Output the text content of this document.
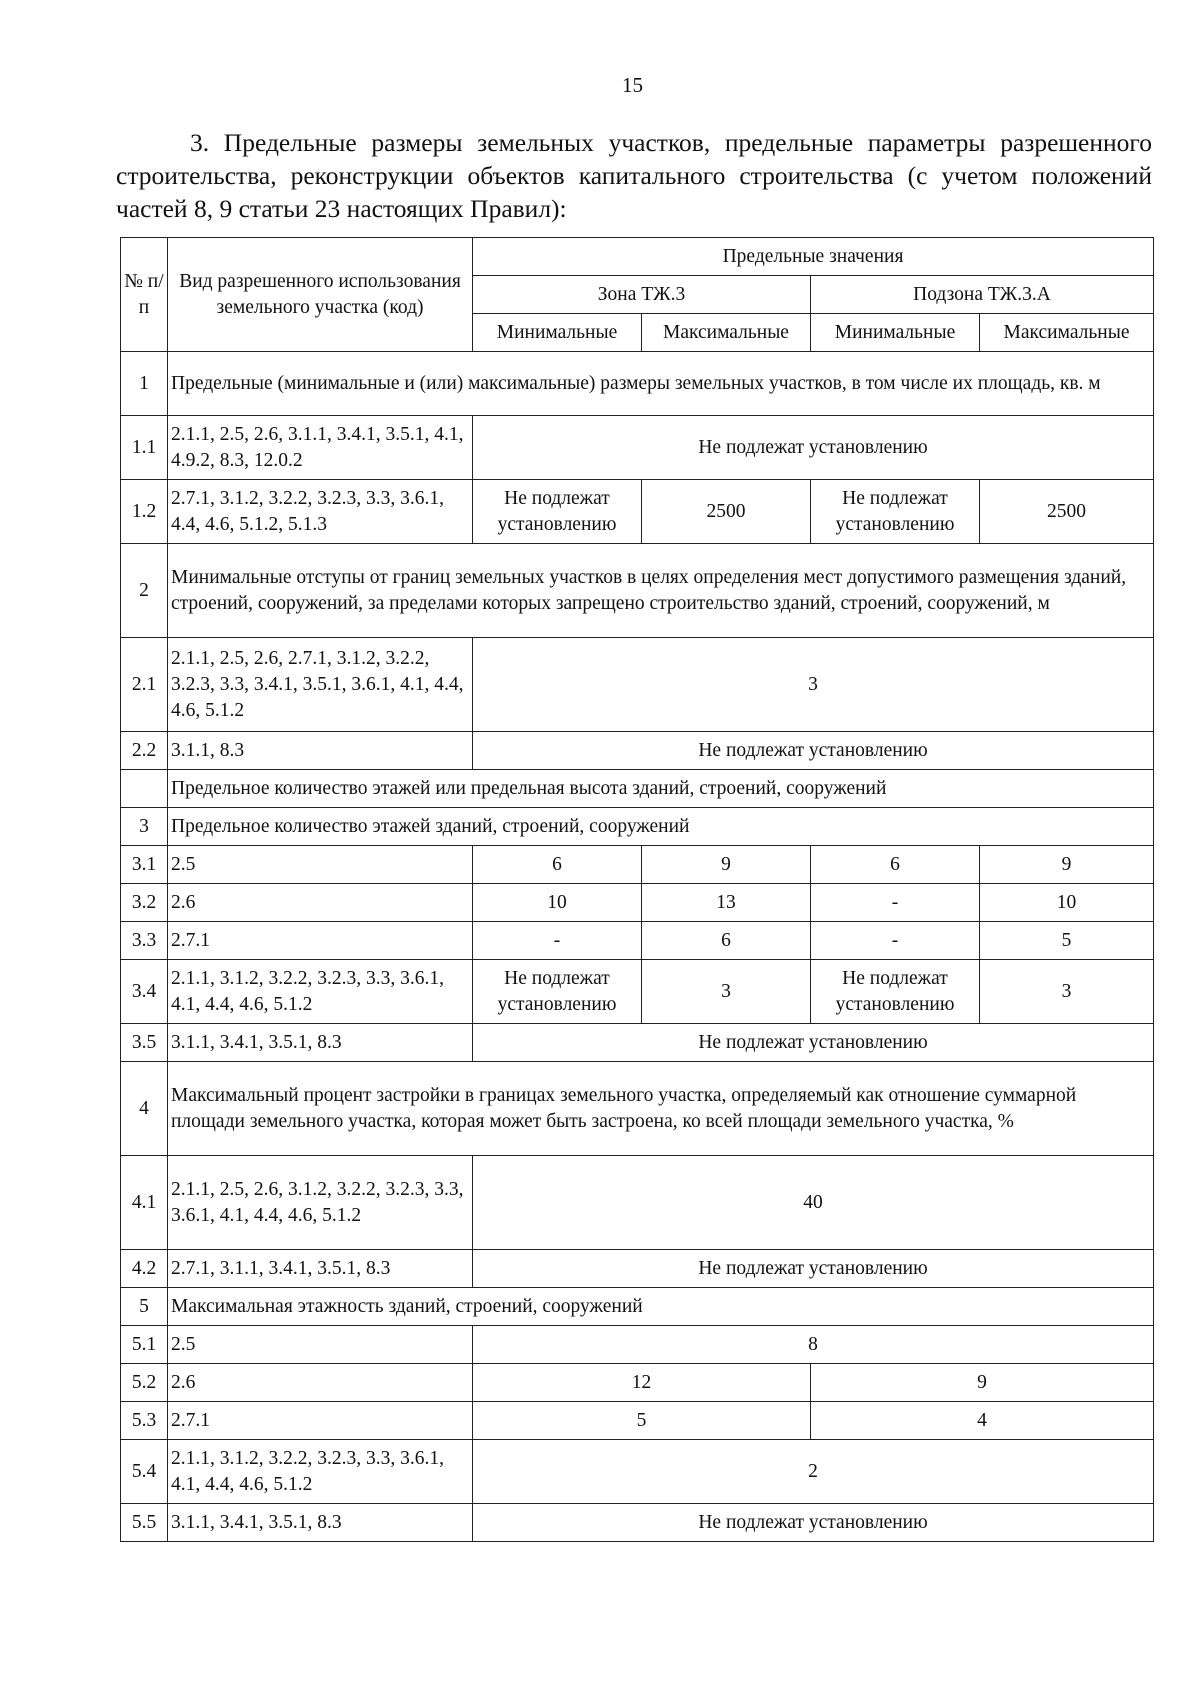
15

3. Предельные размеры земельных участков, предельные параметры разрешенного строительства, реконструкции объектов капитального строительства (с учетом положений частей 8, 9 статьи 23 настоящих Правил):

№ п/п	Вид разрешенного использования земельного участка (код)	Предельные значения			
		Зона ТЖ.3		Подзона ТЖ.3.А	
		Минимальные	Максимальные	Минимальные	Максимальные
1	Предельные (минимальные и (или) максимальные) размеры земельных участков, в том числе их площадь, кв. м				
1.1	2.1.1, 2.5, 2.6, 3.1.1, 3.4.1, 3.5.1, 4.1, 4.9.2, 8.3, 12.0.2	Не подлежат установлению			
1.2	2.7.1, 3.1.2, 3.2.2, 3.2.3, 3.3, 3.6.1, 4.4, 4.6, 5.1.2, 5.1.3	Не подлежат установлению	2500	Не подлежат установлению	2500
2	Минимальные отступы от границ земельных участков в целях определения мест допустимого размещения зданий, строений, сооружений, за пределами которых запрещено строительство зданий, строений, сооружений, м				
2.1	2.1.1, 2.5, 2.6, 2.7.1, 3.1.2, 3.2.2, 3.2.3, 3.3, 3.4.1, 3.5.1, 3.6.1, 4.1, 4.4, 4.6, 5.1.2	3			
2.2	3.1.1, 8.3	Не подлежат установлению			
	Предельное количество этажей или предельная высота зданий, строений, сооружений				
3	Предельное количество этажей зданий, строений, сооружений				
3.1	2.5	6	9	6	9
3.2	2.6	10	13	-	10
3.3	2.7.1	-	6	-	5
3.4	2.1.1, 3.1.2, 3.2.2, 3.2.3, 3.3, 3.6.1, 4.1, 4.4, 4.6, 5.1.2	Не подлежат установлению	3	Не подлежат установлению	3
3.5	3.1.1, 3.4.1, 3.5.1, 8.3	Не подлежат установлению			
4	Максимальный процент застройки в границах земельного участка, определяемый как отношение суммарной площади земельного участка, которая может быть застроена, ко всей площади земельного участка, %				
4.1	2.1.1, 2.5, 2.6, 3.1.2, 3.2.2, 3.2.3, 3.3, 3.6.1, 4.1, 4.4, 4.6, 5.1.2	40			
4.2	2.7.1, 3.1.1, 3.4.1, 3.5.1, 8.3	Не подлежат установлению			
5	Максимальная этажность зданий, строений, сооружений				
5.1	2.5	8			
5.2	2.6	12		9	
5.3	2.7.1	5		4	
5.4	2.1.1, 3.1.2, 3.2.2, 3.2.3, 3.3, 3.6.1, 4.1, 4.4, 4.6, 5.1.2	2			
5.5	3.1.1, 3.4.1, 3.5.1, 8.3	Не подлежат установлению			
